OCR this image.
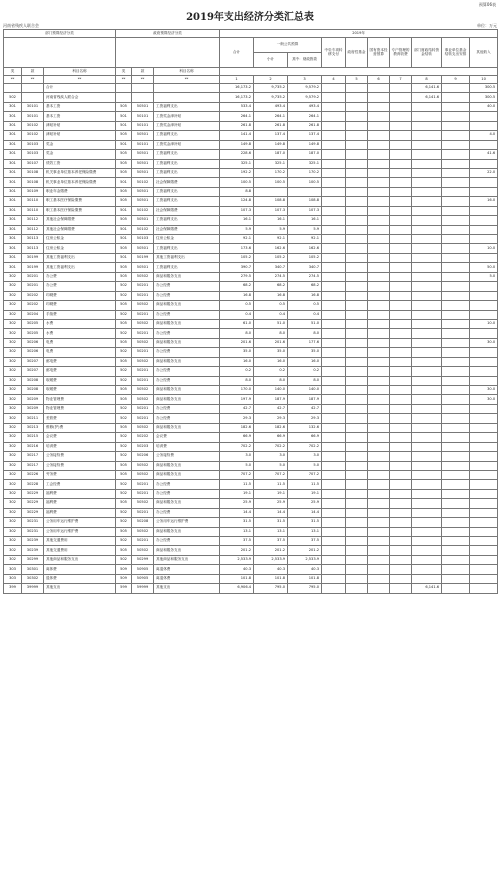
预算06表
2019年支出经济分类汇总表
河南省残疾人联合会	单位：万元
部门预算经济分类			政府预算经济分类			2019年									
						合计	一般公共预算		中央专项转移支付	政府性基金	国有资本经营预算	专户管理的教育收费	部门财政结转资金结转	事业单位基金结转支出安排	其他收入
							小计	其中：财政拨款							

类	款	科目名称	类	款	科目名称										
**	**	**	**	**	**	1	2	3	4	5	6	7	8	9	10
		合计				16,173.2	9,735.2	9,579.2					6,141.6		300.5
502		河南省残疾人联合会				16,173.2	9,735.2	9,579.2					6,141.6		300.5
301	30101	基本工资	505	50501	工资福利支出	533.4	493.4	493.4							40.0
301	30101	基本工资	501	50101	工资奖金津补贴	264.1	264.1	264.1							
301	30102	津贴补贴	501	50101	工资奖金津补贴	261.8	261.8	261.8							
301	30102	津贴补贴	505	50501	工资福利支出	141.4	137.4	137.4							4.0
301	30103	奖金	501	50101	工资奖金津补贴	149.8	149.8	149.8							
301	30103	奖金	505	50501	工资福利支出	228.6	187.0	187.0							41.6
301	30107	绩效工资	505	50501	工资福利支出	325.1	325.1	325.1							
301	30108	机关事业单位基本养老保险缴费	505	50501	工资福利支出	192.2	170.2	170.2							22.0
301	30108	机关事业单位基本养老保险缴费	501	50102	社会保障缴费	100.5	100.5	100.5							
301	30109	职业年金缴费	505	50501	工资福利支出	8.8									
301	30110	职工基本医疗保险缴费	505	50501	工资福利支出	124.8	108.8	108.8							16.0
301	30110	职工基本医疗保险缴费	501	50102	社会保障缴费	107.3	107.3	107.3							
301	30112	其他社会保障缴费	505	50501	工资福利支出	16.1	16.1	16.1							
301	30112	其他社会保障缴费	501	50102	社会保障缴费	5.9	5.9	5.9							
301	30113	住房公积金	501	50103	住房公积金	92.1	92.1	92.1							
301	30113	住房公积金	505	50501	工资福利支出	173.6	162.6	162.6							10.0
301	30199	其他工资福利支出	501	50199	其他工资福利支出	105.2	105.2	105.2							
301	30199	其他工资福利支出	505	50501	工资福利支出	390.7	340.7	340.7							50.0
302	30201	办公费	505	50502	商品和服务支出	279.5	274.5	274.5							5.0
302	30201	办公费	502	50201	办公经费	68.2	68.2	68.2							
302	30202	印刷费	502	50201	办公经费	16.8	16.8	16.8							
302	30202	印刷费	505	50502	商品和服务支出	0.5	0.5	0.5							
302	30204	手续费	502	50201	办公经费	0.4	0.4	0.4							
302	30205	水费	505	50502	商品和服务支出	61.0	51.0	51.0							10.0
302	30205	水费	502	50201	办公经费	8.0	8.0	8.0							
302	30206	电费	505	50502	商品和服务支出	201.6	201.6	177.6							30.0
302	30206	电费	502	50201	办公经费	35.0	35.0	35.0							
302	30207	邮电费	505	50502	商品和服务支出	16.0	16.0	16.0							
302	30207	邮电费	502	50201	办公经费	0.2	0.2	0.2							
302	30208	取暖费	502	50201	办公经费	8.0	8.0	8.0							
302	30208	取暖费	505	50502	商品和服务支出	170.0	140.0	140.0							30.0
302	30209	物业管理费	505	50502	商品和服务支出	197.9	187.9	187.9							30.0
302	30209	物业管理费	502	50201	办公经费	42.7	42.7	42.7							
302	30211	差旅费	502	50201	办公经费	29.3	29.3	29.3							
302	30213	维修(护)费	505	50502	商品和服务支出	182.6	182.6	132.6							
302	30215	会议费	502	50202	会议费	66.9	66.9	66.9							
302	30216	培训费	502	50203	培训费	702.2	702.2	702.2							
302	30217	公务接待费	502	50206	公务接待费	3.0	3.0	3.0							
302	30217	公务接待费	505	50502	商品和服务支出	5.0	5.0	5.0							
302	30226	劳务费	505	50502	商品和服务支出	707.2	707.2	707.2							
302	30228	工会经费	502	50201	办公经费	11.5	11.5	11.5							
302	30229	福利费	502	50201	办公经费	19.1	19.1	19.1							
302	30229	福利费	505	50502	商品和服务支出	25.9	25.9	25.9							
302	30229	福利费	502	50201	办公经费	14.4	14.4	14.4							
302	30231	公务用车运行维护费	502	50208	公务用车运行维护费	31.5	31.5	31.5							
302	30231	公务用车运行维护费	505	50502	商品和服务支出	13.1	13.1	13.1							
302	30239	其他交通费用	502	50201	办公经费	37.5	37.5	37.5							
302	30239	其他交通费用	505	50502	商品和服务支出	201.2	201.2	201.2							
302	30299	其他商品和服务支出	502	50299	其他商品和服务支出	2,533.9	2,533.9	2,533.9							
303	30301	离休费	509	50905	离退休费	40.3	40.3	40.3							
303	30302	退休费	509	50905	离退休费	101.8	101.8	101.8							
399	39999	其他支出	599	59999	其他支出	6,906.4	795.0	795.0					6,141.6		
